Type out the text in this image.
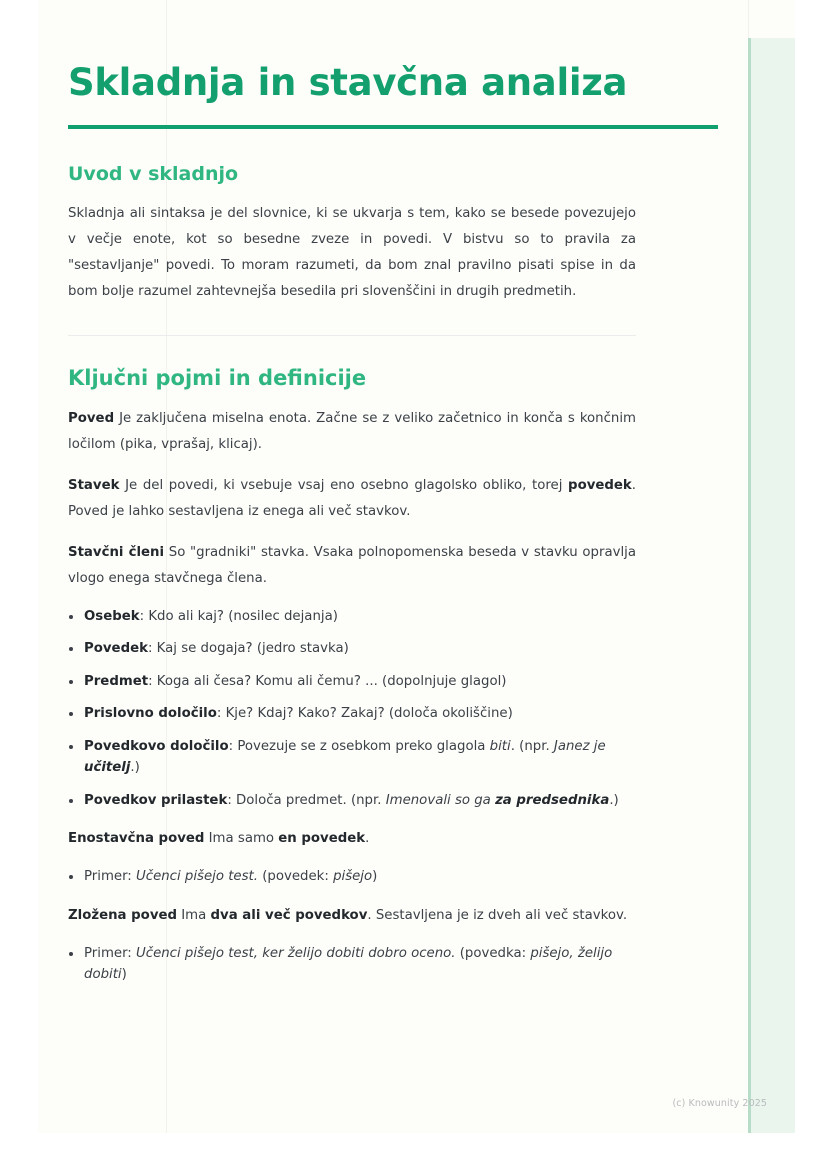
Skladnja in stavčna analiza
Uvod v skladnjo

Skladnja ali sintaksa je del slovnice, ki se ukvarja s tem, kako se besede povezujejo v večje enote, kot so besedne zveze in povedi. V bistvu so to pravila za "sestavljanje" povedi. To moram razumeti, da bom znal pravilno pisati spise in da bom bolje razumel zahtevnejša besedila pri slovenščini in drugih predmetih.

Ključni pojmi in definicije

Poved Je zaključena miselna enota. Začne se z veliko začetnico in konča s končnim ločilom (pika, vprašaj, klicaj).

Stavek Je del povedi, ki vsebuje vsaj eno osebno glagolsko obliko, torej povedek. Poved je lahko sestavljena iz enega ali več stavkov.

Stavčni členi So "gradniki" stavka. Vsaka polnopomenska beseda v stavku opravlja vlogo enega stavčnega člena.

Osebek: Kdo ali kaj? (nosilec dejanja)
Povedek: Kaj se dogaja? (jedro stavka)
Predmet: Koga ali česa? Komu ali čemu? ... (dopolnjuje glagol)
Prislovno določilo: Kje? Kdaj? Kako? Zakaj? (določa okoliščine)
Povedkovo določilo: Povezuje se z osebkom preko glagola biti. (npr. Janez je učitelj.)
Povedkov prilastek: Določa predmet. (npr. Imenovali so ga za predsednika.)

Enostavčna poved Ima samo en povedek.

Primer: Učenci pišejo test. (povedek: pišejo)

Zložena poved Ima dva ali več povedkov. Sestavljena je iz dveh ali več stavkov.

Primer: Učenci pišejo test, ker želijo dobiti dobro oceno. (povedka: pišejo, želijo dobiti)
(c) Knowunity 2025
